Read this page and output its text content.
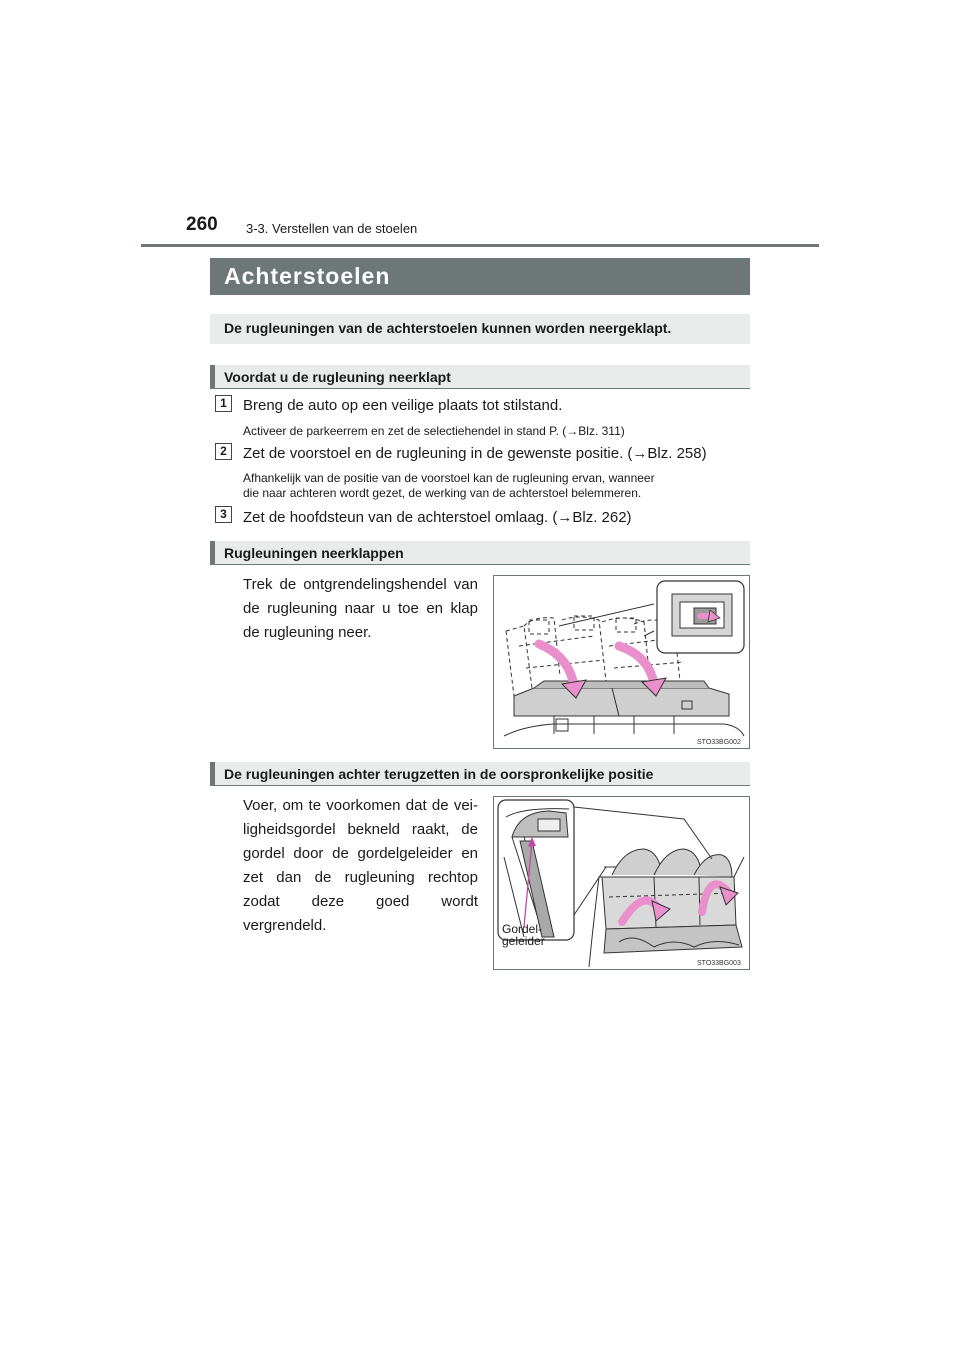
260 3-3. Verstellen van de stoelen
Achterstoelen
De rugleuningen van de achterstoelen kunnen worden neergeklapt.
Voordat u de rugleuning neerklapt
1	Breng de auto op een veilige plaats tot stilstand.
Activeer de parkeerrem en zet de selectiehendel in stand P. (→Blz. 311)
2	Zet de voorstoel en de rugleuning in de gewenste positie. (→Blz. 258)
Afhankelijk van de positie van de voorstoel kan de rugleuning ervan, wanneer
die naar achteren wordt gezet, de werking van de achterstoel belemmeren.
3	Zet de hoofdsteun van de achterstoel omlaag. (→Blz. 262)
Rugleuningen neerklappen
Trek de ontgrendelingshendel van de rugleuning naar u toe en klap de rugleuning neer.
STO33BG002
De rugleuningen achter terugzetten in de oorspronkelijke positie
Voer, om te voorkomen dat de vei-ligheidsgordel bekneld raakt, de gordel door de gordelgeleider en zet dan de rugleuning rechtop zodat deze goed wordt vergrendeld.	Gordel-
geleider
STO33BG003
